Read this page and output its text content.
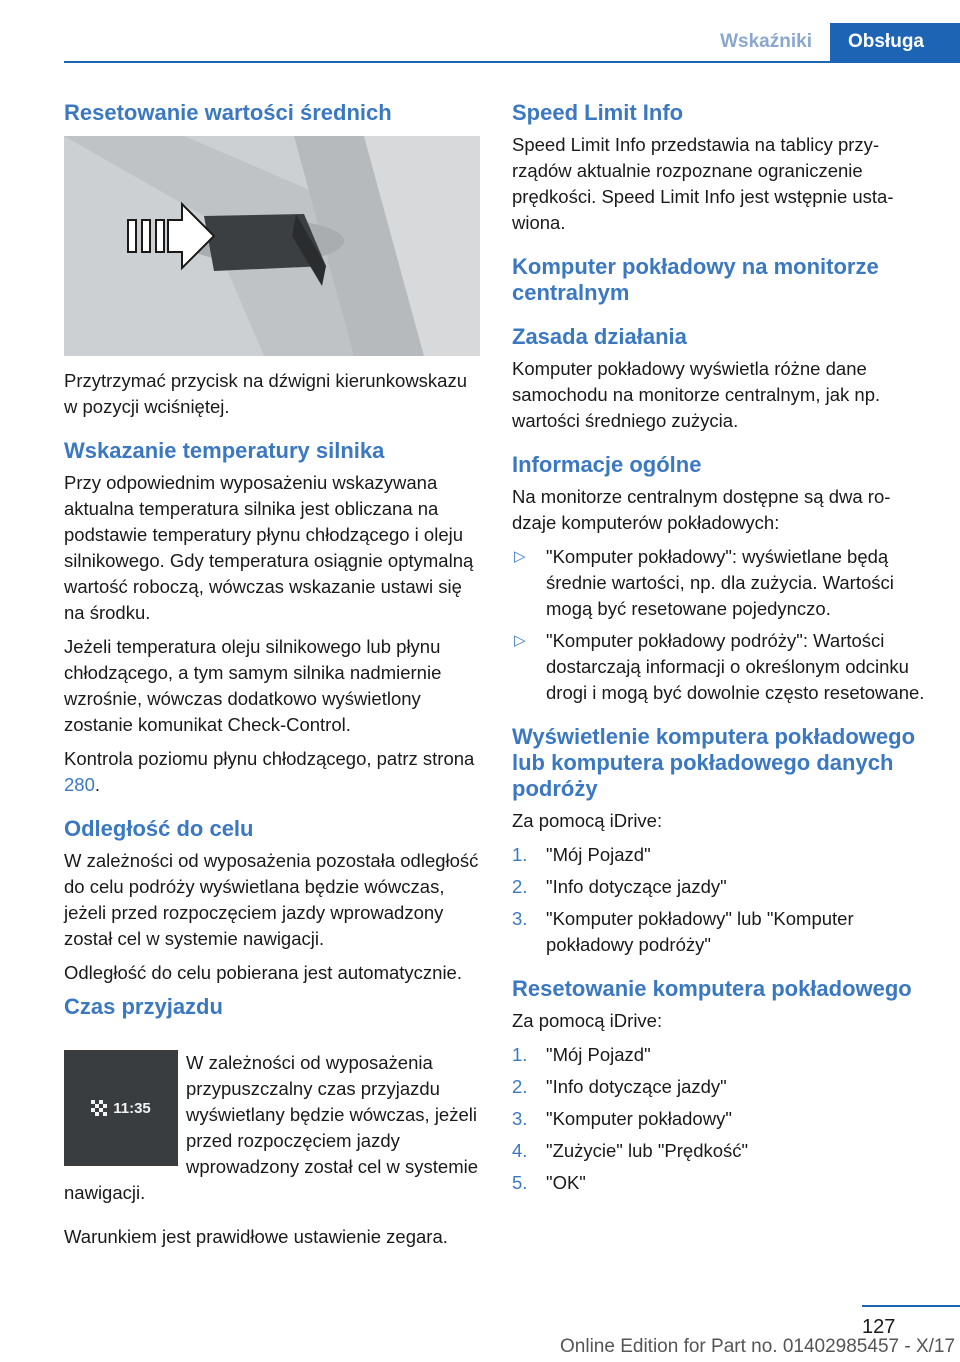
Wskaźniki	Obsługa
Resetowanie wartości średnich

Przytrzymać przycisk na dźwigni kierunkowskazu w pozycji wciśniętej.

Wskazanie temperatury silnika

Przy odpowiednim wyposażeniu wskazywana aktualna temperatura silnika jest obliczana na podstawie temperatury płynu chłodzącego i oleju silnikowego. Gdy temperatura osiągnie optymalną wartość roboczą, wówczas wskazanie ustawi się na środku.

Jeżeli temperatura oleju silnikowego lub płynu chłodzącego, a tym samym silnika nadmiernie wzrośnie, wówczas dodatkowo wyświetlony zostanie komunikat Check-Control.

Kontrola poziomu płynu chłodzącego, patrz strona 280.

Odległość do celu

W zależności od wyposażenia pozostała odległość do celu podróży wyświetlana będzie wówczas, jeżeli przed rozpoczęciem jazdy wprowadzony został cel w systemie nawigacji.

Odległość do celu pobierana jest automatycznie.

Czas przyjazdu
11:35

W zależności od wyposażenia przypuszczalny czas przyjazdu wyświetlany będzie wówczas, jeżeli przed rozpoczęciem jazdy wprowadzony został cel w systemie nawigacji.

Warunkiem jest prawidłowe ustawienie zegara.

Speed Limit Info

Speed Limit Info przedstawia na tablicy przyrządów aktualnie rozpoznane ograniczenie prędkości. Speed Limit Info jest wstępnie ustawiona.

Komputer pokładowy na monitorze centralnym
Zasada działania

Komputer pokładowy wyświetla różne dane samochodu na monitorze centralnym, jak np. wartości średniego zużycia.

Informacje ogólne

Na monitorze centralnym dostępne są dwa rodzaje komputerów pokładowych:

▷ "Komputer pokładowy": wyświetlane będą średnie wartości, np. dla zużycia. Wartości mogą być resetowane pojedynczo.
▷ "Komputer pokładowy podróży": Wartości dostarczają informacji o określonym odcinku drogi i mogą być dowolnie często resetowane.
Wyświetlenie komputera pokładowego lub komputera pokładowego danych podróży

Za pomocą iDrive:

1. "Mój Pojazd"
2. "Info dotyczące jazdy"
3. "Komputer pokładowy" lub "Komputer pokładowy podróży"
Resetowanie komputera pokładowego

Za pomocą iDrive:

1. "Mój Pojazd"
2. "Info dotyczące jazdy"
3. "Komputer pokładowy"
4. "Zużycie" lub "Prędkość"
5. "OK"
127
Online Edition for Part no. 01402985457 - X/17
